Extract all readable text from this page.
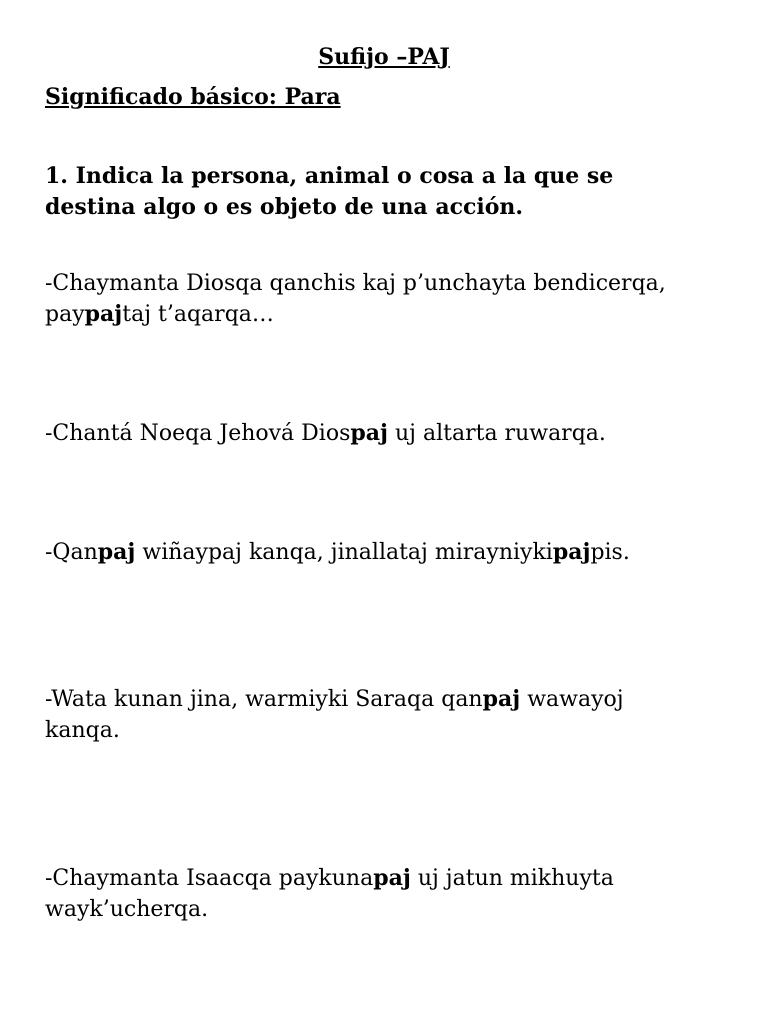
Sufijo –PAJ
Significado básico: Para
1. Indica la persona, animal o cosa a la que se destina algo o es objeto de una acción.

-Chaymanta Diosqa qanchis kaj p’unchayta bendicerqa, paypajtaj t’aqarqa…

-Chantá Noeqa Jehová Diospaj uj altarta ruwarqa.

-Qanpaj wiñaypaj kanqa, jinallataj mirayniykipajpis.

-Wata kunan jina, warmiyki Saraqa qanpaj wawayoj kanqa.

-Chaymanta Isaacqa paykunapaj uj jatun mikhuyta wayk’ucherqa.
